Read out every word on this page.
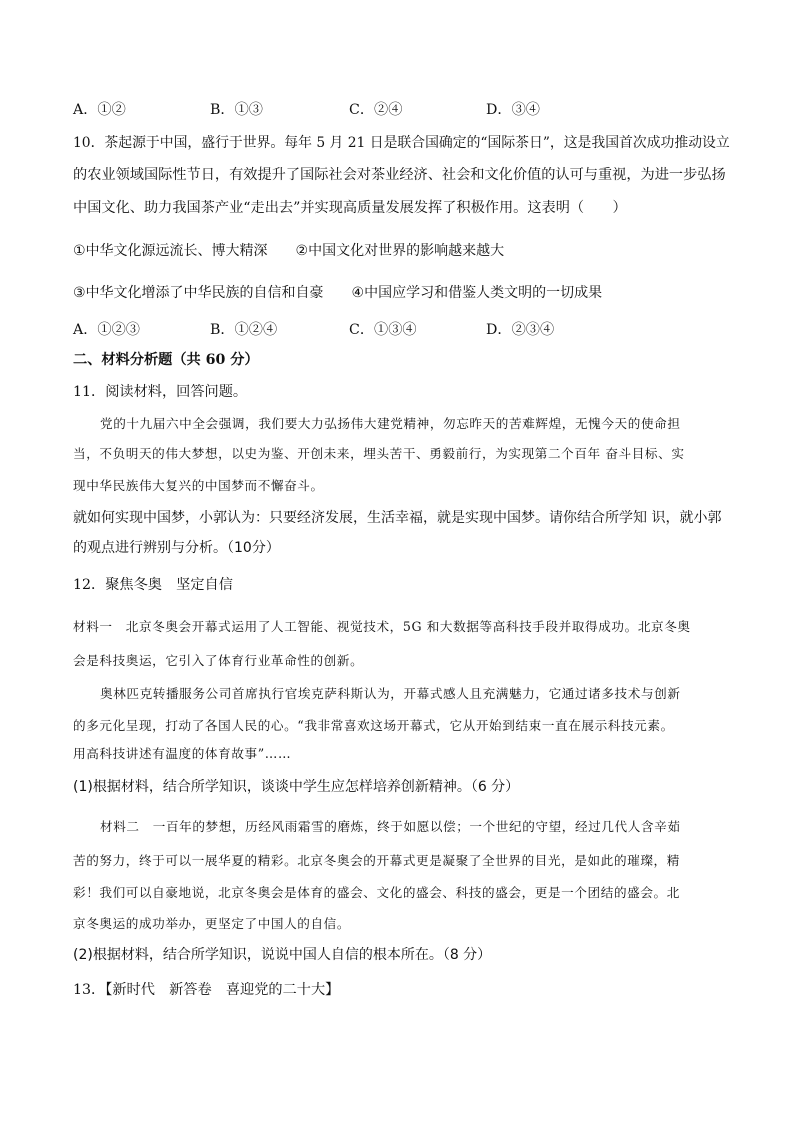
A．①②	B．①③	C．②④	D．③④
10．茶起源于中国，盛行于世界。每年 5 月 21 日是联合国确定的“国际茶日”，这是我国首次成功推动设立
的农业领域国际性节日，有效提升了国际社会对茶业经济、社会和文化价值的认可与重视，为进一步弘扬
中国文化、助力我国茶产业“走出去”并实现高质量发展发挥了积极作用。这表明（　　）
①中华文化源远流长、博大精深　　②中国文化对世界的影响越来越大
③中华文化增添了中华民族的自信和自豪　　④中国应学习和借鉴人类文明的一切成果
A．①②③	B．①②④	C．①③④	D．②③④
二、材料分析题（共 60 分）
11．阅读材料，回答问题。
党的十九届六中全会强调，我们要大力弘扬伟大建党精神，勿忘昨天的苦难辉煌，无愧今天的使命担
当，不负明天的伟大梦想，以史为鉴、开创未来，埋头苦干、勇毅前行，为实现第二个百年 奋斗目标、实
现中华民族伟大复兴的中国梦而不懈奋斗。
就如何实现中国梦，小郭认为：只要经济发展，生活幸福，就是实现中国梦。请你结合所学知 识，就小郭
的观点进行辨别与分析。（10分）
12．聚焦冬奥　坚定自信
材料一　北京冬奥会开幕式运用了人工智能、视觉技术，5G 和大数据等高科技手段并取得成功。北京冬奥
会是科技奥运，它引入了体育行业革命性的创新。
奥林匹克转播服务公司首席执行官埃克萨科斯认为，开幕式感人且充满魅力，它通过诸多技术与创新
的多元化呈现，打动了各国人民的心。“我非常喜欢这场开幕式，它从开始到结束一直在展示科技元素。
用高科技讲述有温度的体育故事”……
(1)根据材料，结合所学知识，谈谈中学生应怎样培养创新精神。（6 分）
材料二　一百年的梦想，历经风雨霜雪的磨炼，终于如愿以偿；一个世纪的守望，经过几代人含辛茹
苦的努力，终于可以一展华夏的精彩。北京冬奥会的开幕式更是凝聚了全世界的目光，是如此的璀璨，精
彩！我们可以自豪地说，北京冬奥会是体育的盛会、文化的盛会、科技的盛会，更是一个团结的盛会。北
京冬奥运的成功举办，更坚定了中国人的自信。
(2)根据材料，结合所学知识，说说中国人自信的根本所在。（8 分）
13．【新时代　新答卷　喜迎党的二十大】
